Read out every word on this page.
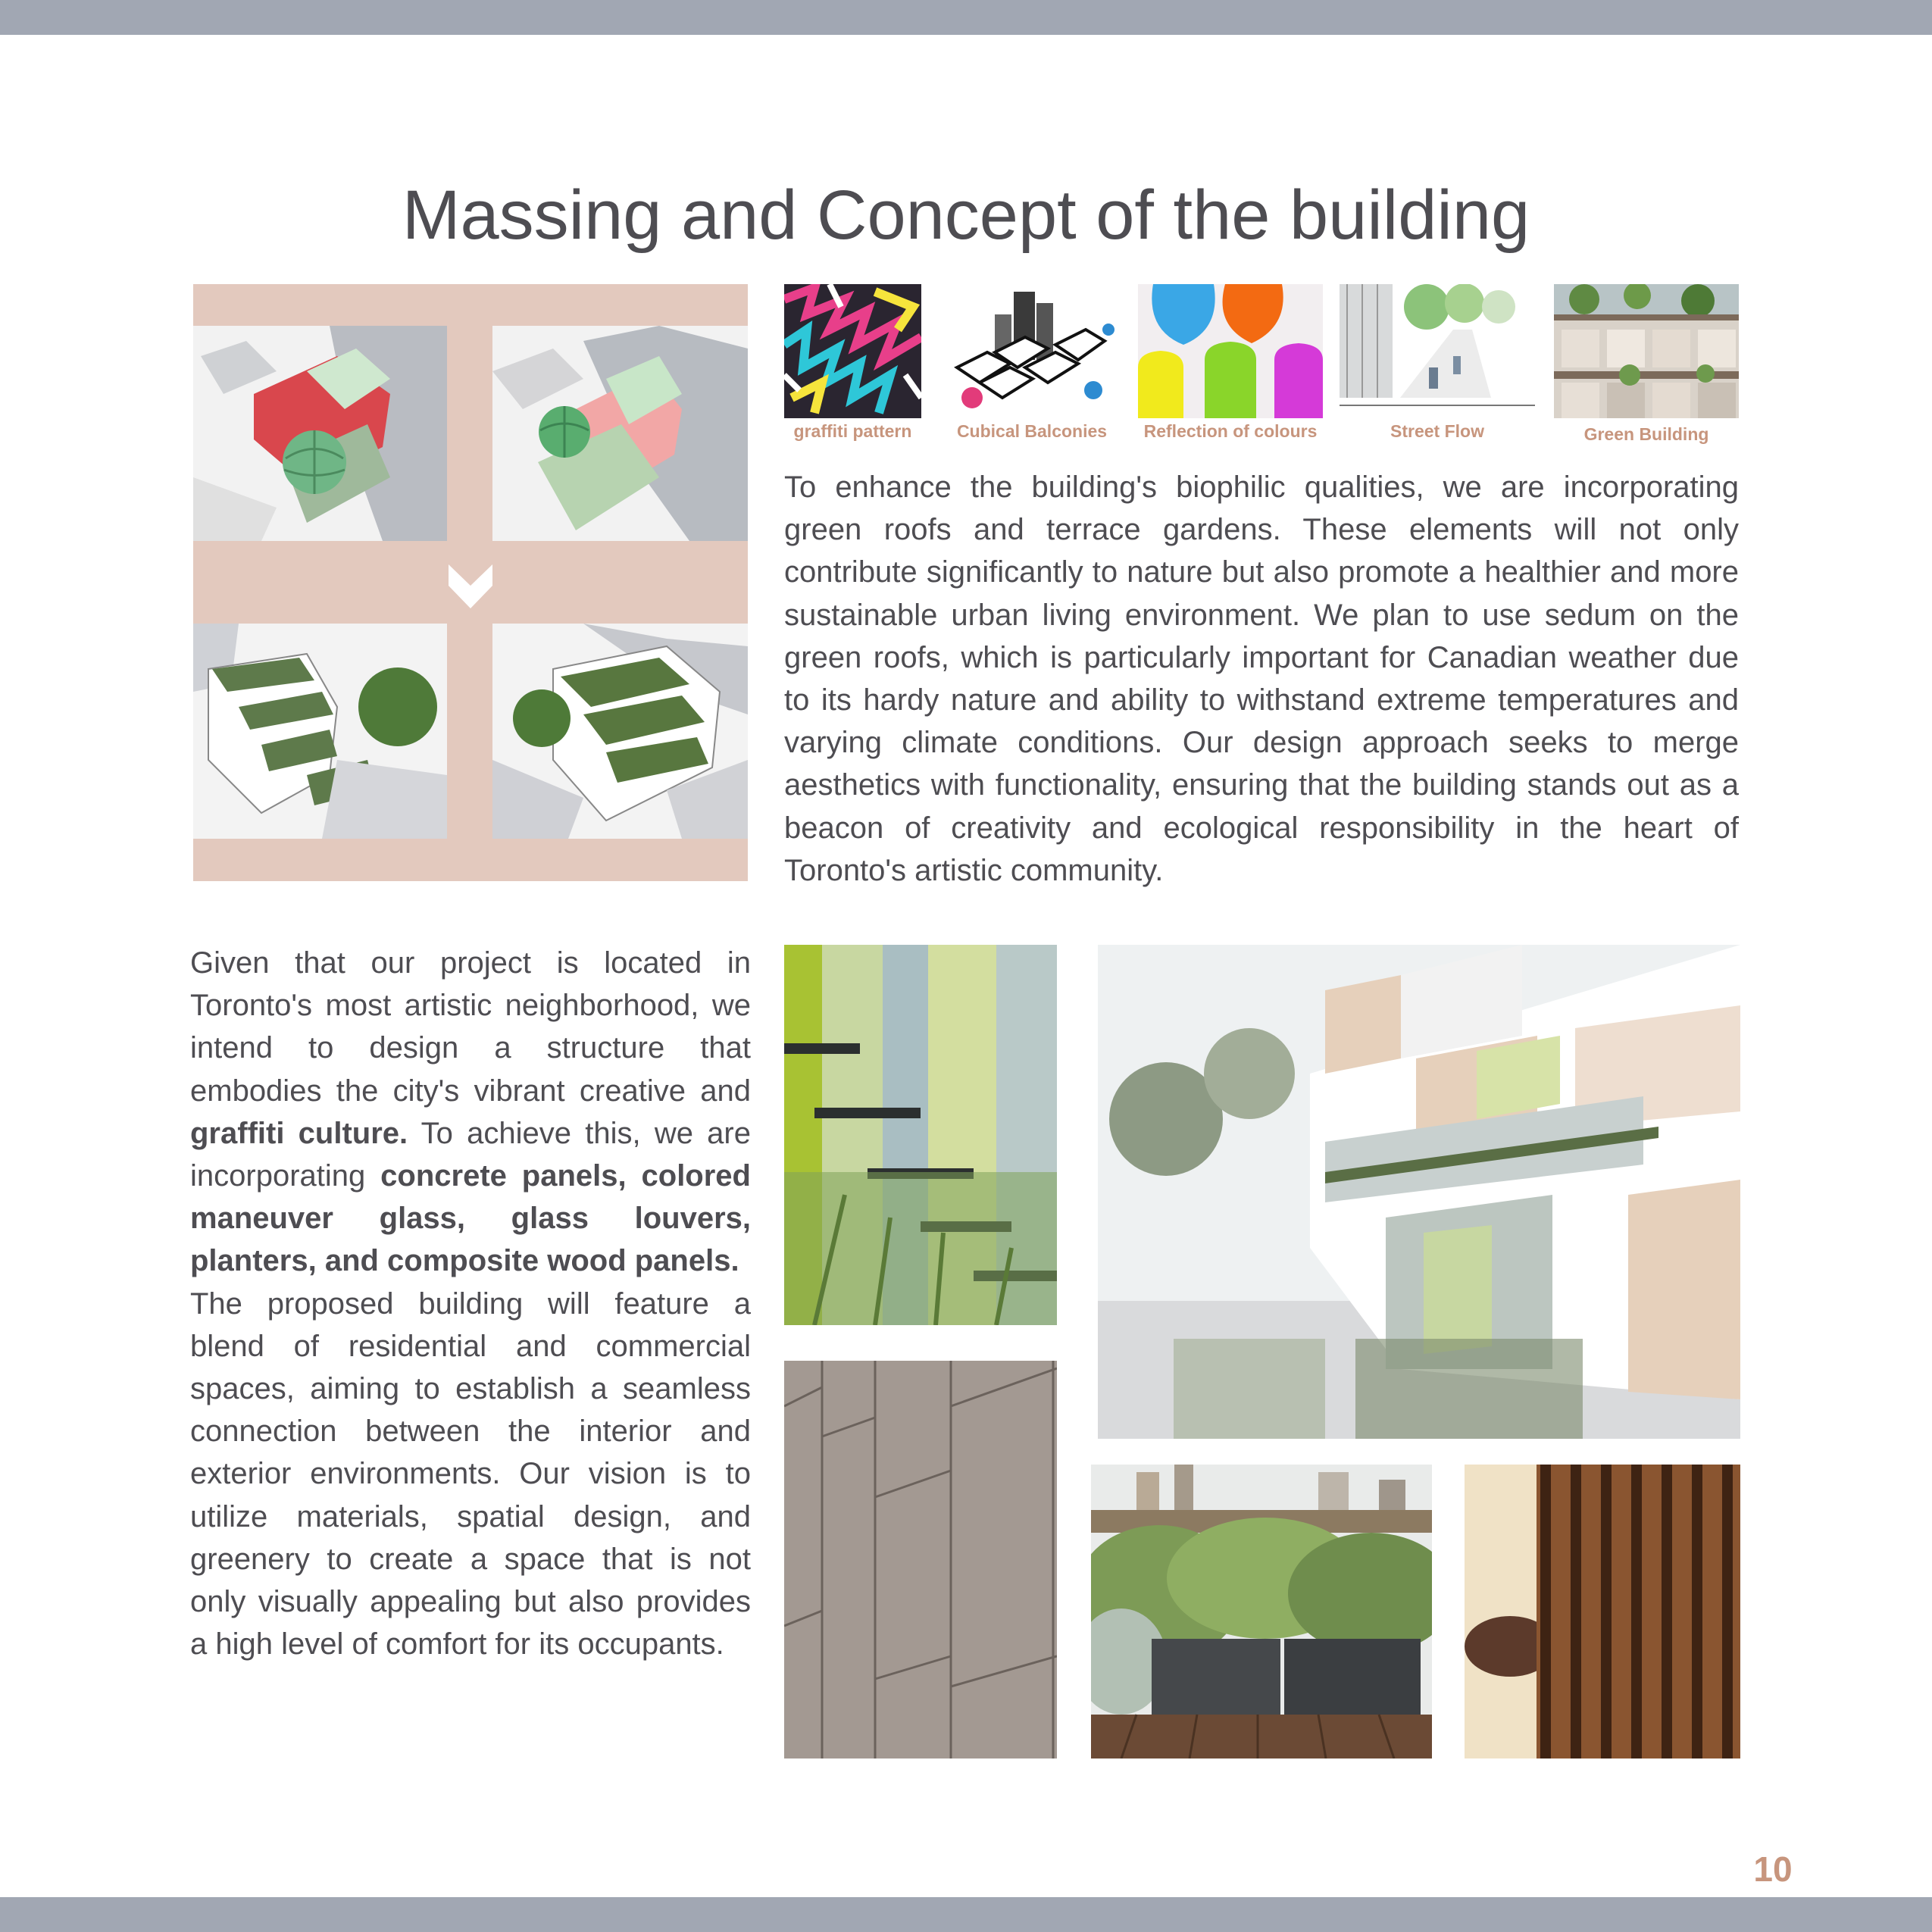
Massing and Concept of the building
graffiti pattern	Cubical Balconies	Reflection of colours	Street Flow	Green Building

To enhance the building's biophilic qualities, we are incorporating green roofs and terrace gardens. These elements will not only contribute significantly to nature but also promote a healthier and more sustainable urban living environment. We plan to use sedum on the green roofs, which is particularly important for Canadian weather due to its hardy nature and ability to withstand extreme temperatures and varying climate conditions. Our design approach seeks to merge aesthetics with functionality, ensuring that the building stands out as a beacon of creativity and ecological responsibility in the heart of Toronto's artistic community.

Given that our project is located in Toronto's most artistic neighborhood, we intend to design a structure that embodies the city's vibrant creative and graffiti culture. To achieve this, we are incorporating concrete panels, colored maneuver glass, glass louvers, planters, and composite wood panels.
The proposed building will feature a blend of residential and commercial spaces, aiming to establish a seamless connection between the interior and exterior environments. Our vision is to utilize materials, spatial design, and greenery to create a space that is not only visually appealing but also provides a high level of comfort for its occupants.

10
